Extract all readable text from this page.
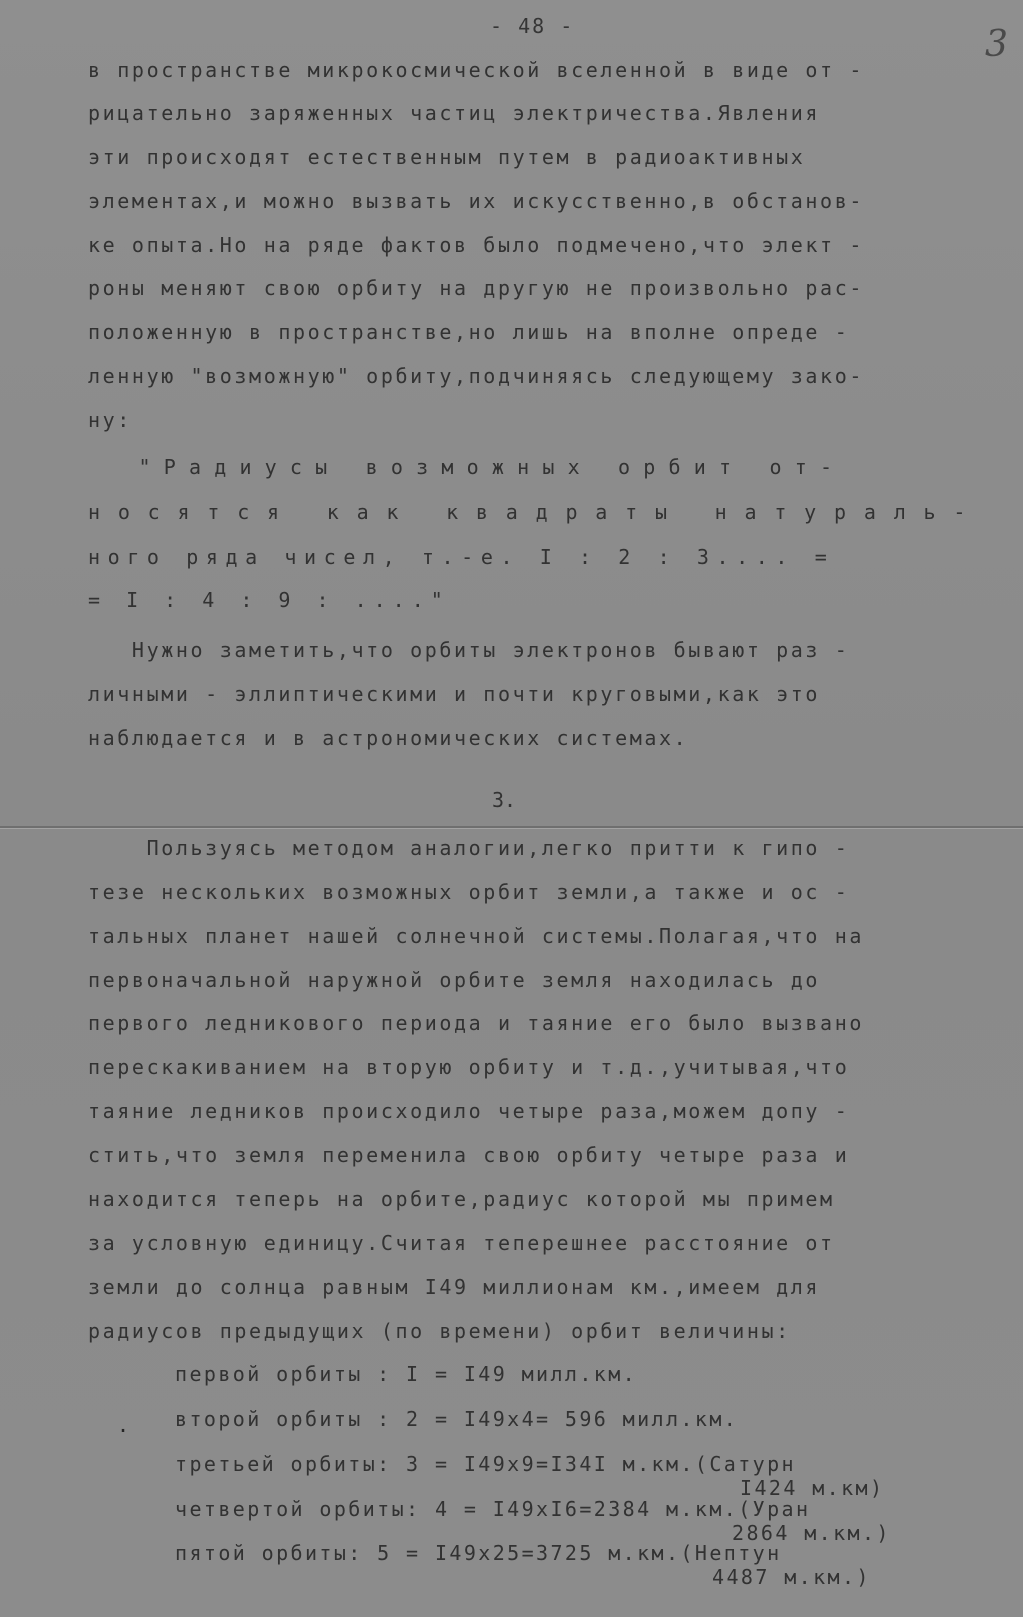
- 48 -	3
в пространстве микрокосмической вселенной в виде от -
рицательно заряженных частиц электричества.Явления
эти происходят естественным путем в радиоактивных
элементах,и можно вызвать их искусственно,в обстанов-
ке опыта.Но на ряде фактов было подмечено,что элект -
роны меняют свою орбиту на другую не произвольно рас-
положенную в пространстве,но лишь на вполне опреде -
ленную "возможную" орбиту,подчиняясь следующему зако-
ну:
"Радиусы возможных орбит от-
носятся как квадраты натураль-
ного ряда чисел, т.-е. I : 2 : 3.... =
= I : 4 : 9 : ...."
Нужно заметить,что орбиты электронов бывают раз -
личными - эллиптическими и почти круговыми,как это
наблюдается и в астрономических системах.
3.
Пользуясь методом аналогии,легко притти к гипо -
тезе нескольких возможных орбит земли,а также и ос -
тальных планет нашей солнечной системы.Полагая,что на
первоначальной наружной орбите земля находилась до
первого ледникового периода и таяние его было вызвано
перескакиванием на вторую орбиту и т.д.,учитывая,что
таяние ледников происходило четыре раза,можем допу -
стить,что земля переменила свою орбиту четыре раза и
находится теперь на орбите,радиус которой мы примем
за условную единицу.Считая теперешнее расстояние от
земли до солнца равным I49 миллионам км.,имеем для
радиусов предыдущих (по времени) орбит величины:
.
первой орбиты : I = I49 милл.км.
второй орбиты : 2 = I49x4= 596 милл.км.
третьей орбиты: 3 = I49x9=I34I м.км.(Сатурн
I424 м.км)
четвертой орбиты: 4 = I49xI6=2384 м.км.(Уран
2864 м.км.)
пятой орбиты: 5 = I49x25=3725 м.км.(Нептун
4487 м.км.)
